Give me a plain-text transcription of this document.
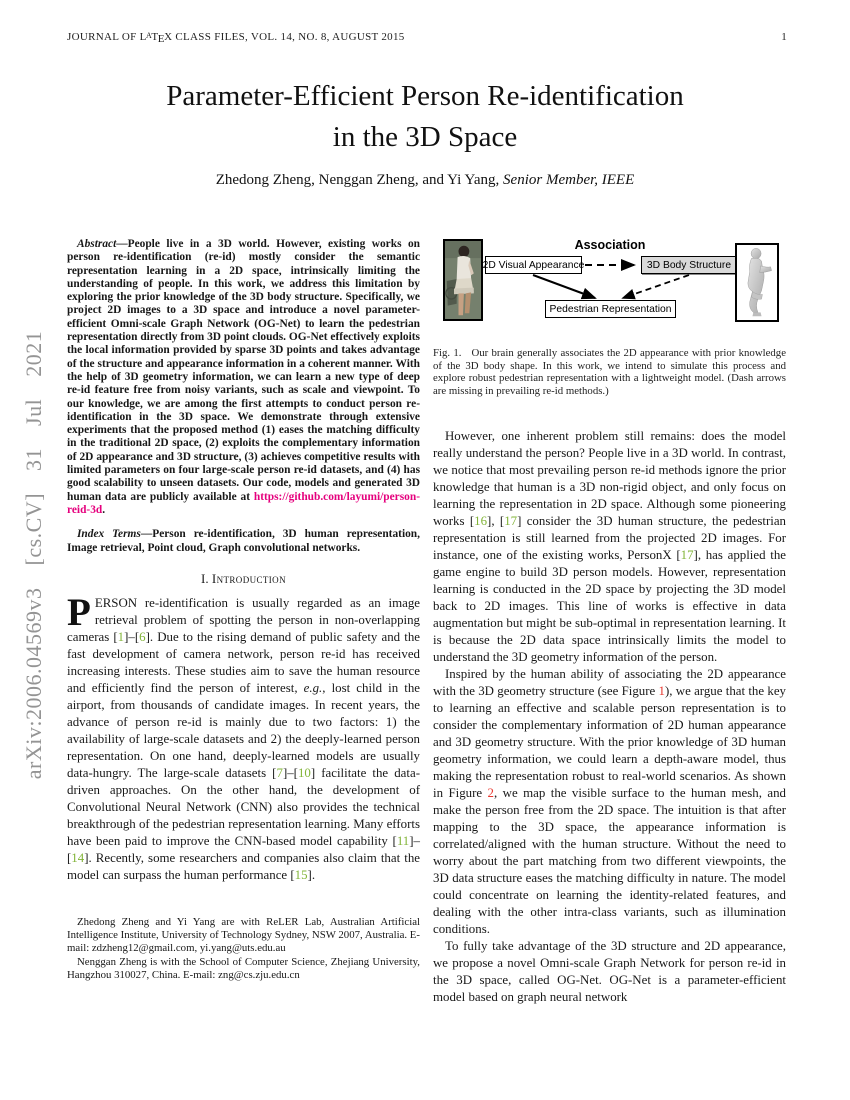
JOURNAL OF $L^ATEX$ CLASS FILES, VOL. 14, NO. 8, AUGUST 2015	1
arXiv:2006.04569v3 [cs.CV] 31 Jul 2021
Parameter-Efficient Person Re-identification
in the 3D Space
Zhedong Zheng, Nenggan Zheng, and Yi Yang, Senior Member, IEEE

Abstract—People live in a 3D world. However, existing works on person re-identification (re-id) mostly consider the semantic representation learning in a 2D space, intrinsically limiting the understanding of people. In this work, we address this limitation by exploring the prior knowledge of the 3D body structure. Specifically, we project 2D images to a 3D space and introduce a novel parameter-efficient Omni-scale Graph Network (OG-Net) to learn the pedestrian representation directly from 3D point clouds. OG-Net effectively exploits the local information provided by sparse 3D points and takes advantage of the structure and appearance information in a coherent manner. With the help of 3D geometry information, we can learn a new type of deep re-id feature free from noisy variants, such as scale and viewpoint. To our knowledge, we are among the first attempts to conduct person re-identification in the 3D space. We demonstrate through extensive experiments that the proposed method (1) eases the matching difficulty in the traditional 2D space, (2) exploits the complementary information of 2D appearance and 3D structure, (3) achieves competitive results with limited parameters on four large-scale person re-id datasets, and (4) has good scalability to unseen datasets. Our code, models and generated 3D human data are publicly available at https://github.com/layumi/person-reid-3d.

Index Terms—Person re-identification, 3D human representation, Image retrieval, Point cloud, Graph convolutional networks.

I. Introduction

PERSON re-identification is usually regarded as an image retrieval problem of spotting the person in non-overlapping cameras [1]–[6]. Due to the rising demand of public safety and the fast development of camera network, person re-id has received increasing interests. These studies aim to save the human resource and efficiently find the person of interest, e.g., lost child in the airport, from thousands of candidate images. In recent years, the advance of person re-id is mainly due to two factors: 1) the availability of large-scale datasets and 2) the deeply-learned person representation. On one hand, deeply-learned models are usually data-hungry. The large-scale datasets [7]–[10] facilitate the data-driven approaches. On the other hand, the development of Convolutional Neural Network (CNN) also provides the technical breakthrough of the pedestrian representation learning. Many efforts have been paid to improve the CNN-based model capability [11]–[14]. Recently, some researchers and companies also claim that the model can surpass the human performance [15].

Zhedong Zheng and Yi Yang are with ReLER Lab, Australian Artificial Intelligence Institute, University of Technology Sydney, NSW 2007, Australia. E-mail: zdzheng12@gmail.com, yi.yang@uts.edu.au

Nenggan Zheng is with the School of Computer Science, Zhejiang University, Hangzhou 310027, China. E-mail: zng@cs.zju.edu.cn

Association
2D Visual Appearance	3D Body Structure
Pedestrian Representation

Fig. 1. Our brain generally associates the 2D appearance with prior knowledge of the 3D body shape. In this work, we intend to simulate this process and explore robust pedestrian representation with a lightweight model. (Dash arrows are missing in prevailing re-id methods.)

However, one inherent problem still remains: does the model really understand the person? People live in a 3D world. In contrast, we notice that most prevailing person re-id methods ignore the prior knowledge that human is a 3D non-rigid object, and only focus on learning the representation in 2D space. Although some pioneering works [16], [17] consider the 3D human structure, the pedestrian representation is still learned from the projected 2D images. For instance, one of the existing works, PersonX [17], has applied the game engine to build 3D person models. However, representation learning is conducted in the 2D space by projecting the 3D model back to 2D images. This line of works is effective in data augmentation but might be sub-optimal in representation learning. It is because the 2D data space intrinsically limits the model to understand the 3D geometry information of the person.

Inspired by the human ability of associating the 2D appearance with the 3D geometry structure (see Figure 1), we argue that the key to learning an effective and scalable person representation is to consider the complementary information of 2D human appearance and 3D geometry structure. With the prior knowledge of 3D human geometry information, we could learn a depth-aware model, thus making the representation robust to real-world scenarios. As shown in Figure 2, we map the visible surface to the human mesh, and make the person free from the 2D space. The intuition is that after mapping to the 3D space, the appearance information is correlated/aligned with the human structure. Without the need to worry about the part matching from two different viewpoints, the 3D data structure eases the matching difficulty in nature. The model could concentrate on learning the identity-related features, and dealing with the other intra-class variants, such as illumination conditions.

To fully take advantage of the 3D structure and 2D appearance, we propose a novel Omni-scale Graph Network for person re-id in the 3D space, called OG-Net. OG-Net is a parameter-efficient model based on graph neural network
